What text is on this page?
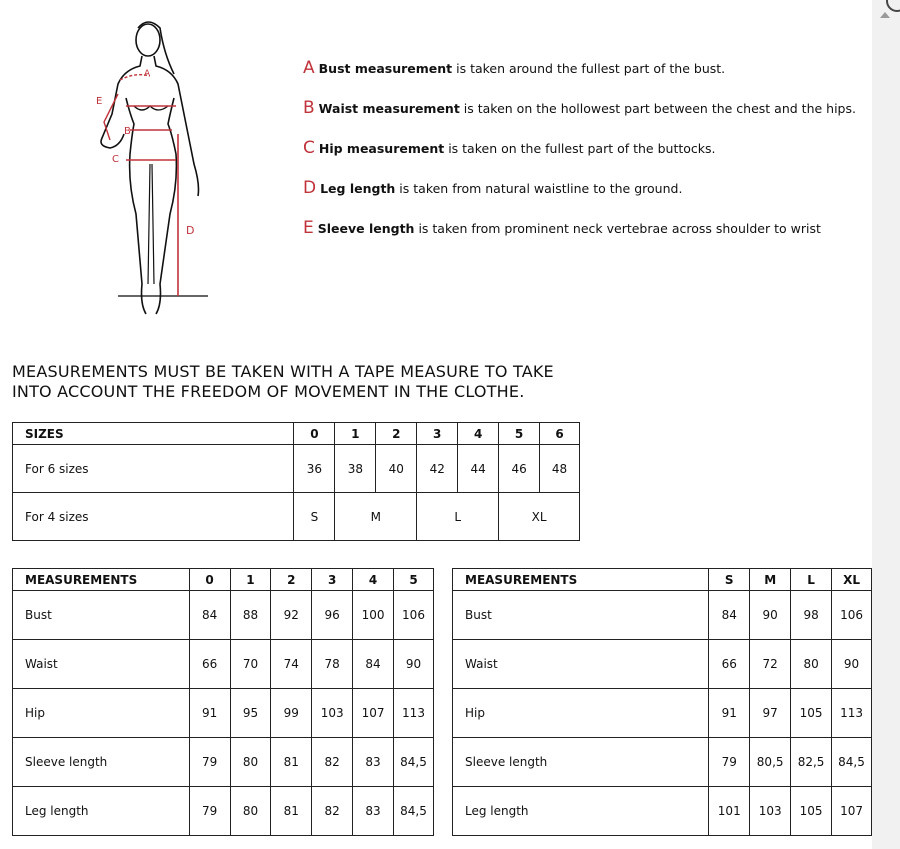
A
E
B
C
D
A Bust measurement is taken around the fullest part of the bust.
B Waist measurement is taken on the hollowest part between the chest and the hips.
C Hip measurement is taken on the fullest part of the buttocks.
D Leg length is taken from natural waistline to the ground.
E Sleeve length is taken from prominent neck vertebrae across shoulder to wrist
MEASUREMENTS MUST BE TAKEN WITH A TAPE MEASURE TO TAKE
INTO ACCOUNT THE FREEDOM OF MOVEMENT IN THE CLOTHE.
SIZES	0	1	2	3	4	5	6
For 6 sizes	36	38	40	42	44	46	48
For 4 sizes	S	M		L		XL	
MEASUREMENTS	0	1	2	3	4	5
Bust	84	88	92	96	100	106
Waist	66	70	74	78	84	90
Hip	91	95	99	103	107	113
Sleeve length	79	80	81	82	83	84,5
Leg length	79	80	81	82	83	84,5
MEASUREMENTS	S	M	L	XL
Bust	84	90	98	106
Waist	66	72	80	90
Hip	91	97	105	113
Sleeve length	79	80,5	82,5	84,5
Leg length	101	103	105	107
